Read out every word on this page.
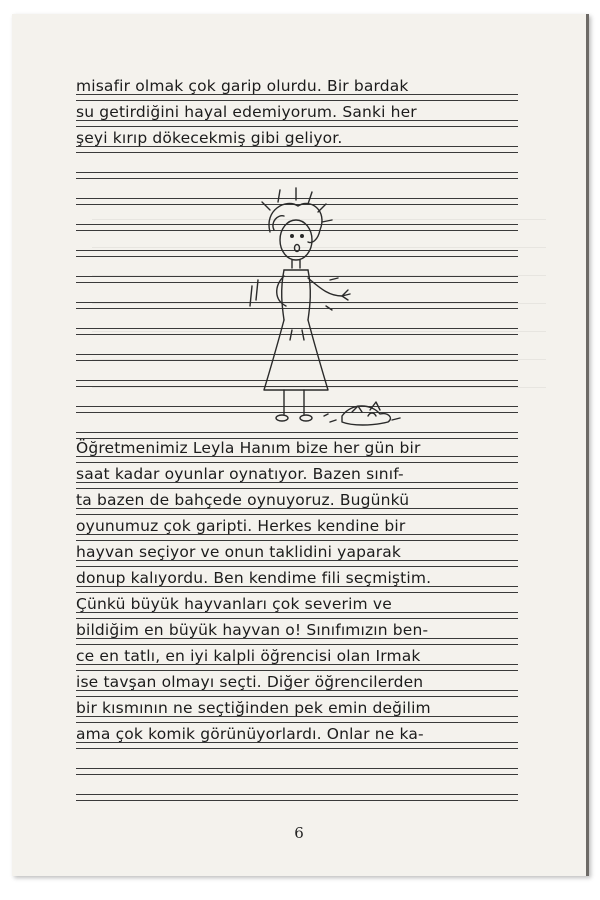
misafir olmak çok garip olurdu. Bir bardak
su getirdiğini hayal edemiyorum. Sanki her
şeyi kırıp dökecekmiş gibi geliyor.
Öğretmenimiz Leyla Hanım bize her gün bir
saat kadar oyunlar oynatıyor. Bazen sınıf-
ta bazen de bahçede oynuyoruz. Bugünkü
oyunumuz çok garipti. Herkes kendine bir
hayvan seçiyor ve onun taklidini yaparak
donup kalıyordu. Ben kendime fili seçmiştim.
Çünkü büyük hayvanları çok severim ve
bildiğim en büyük hayvan o! Sınıfımızın ben-
ce en tatlı, en iyi kalpli öğrencisi olan Irmak
ise tavşan olmayı seçti. Diğer öğrencilerden
bir kısmının ne seçtiğinden pek emin değilim
ama çok komik görünüyorlardı. Onlar ne ka-
6
